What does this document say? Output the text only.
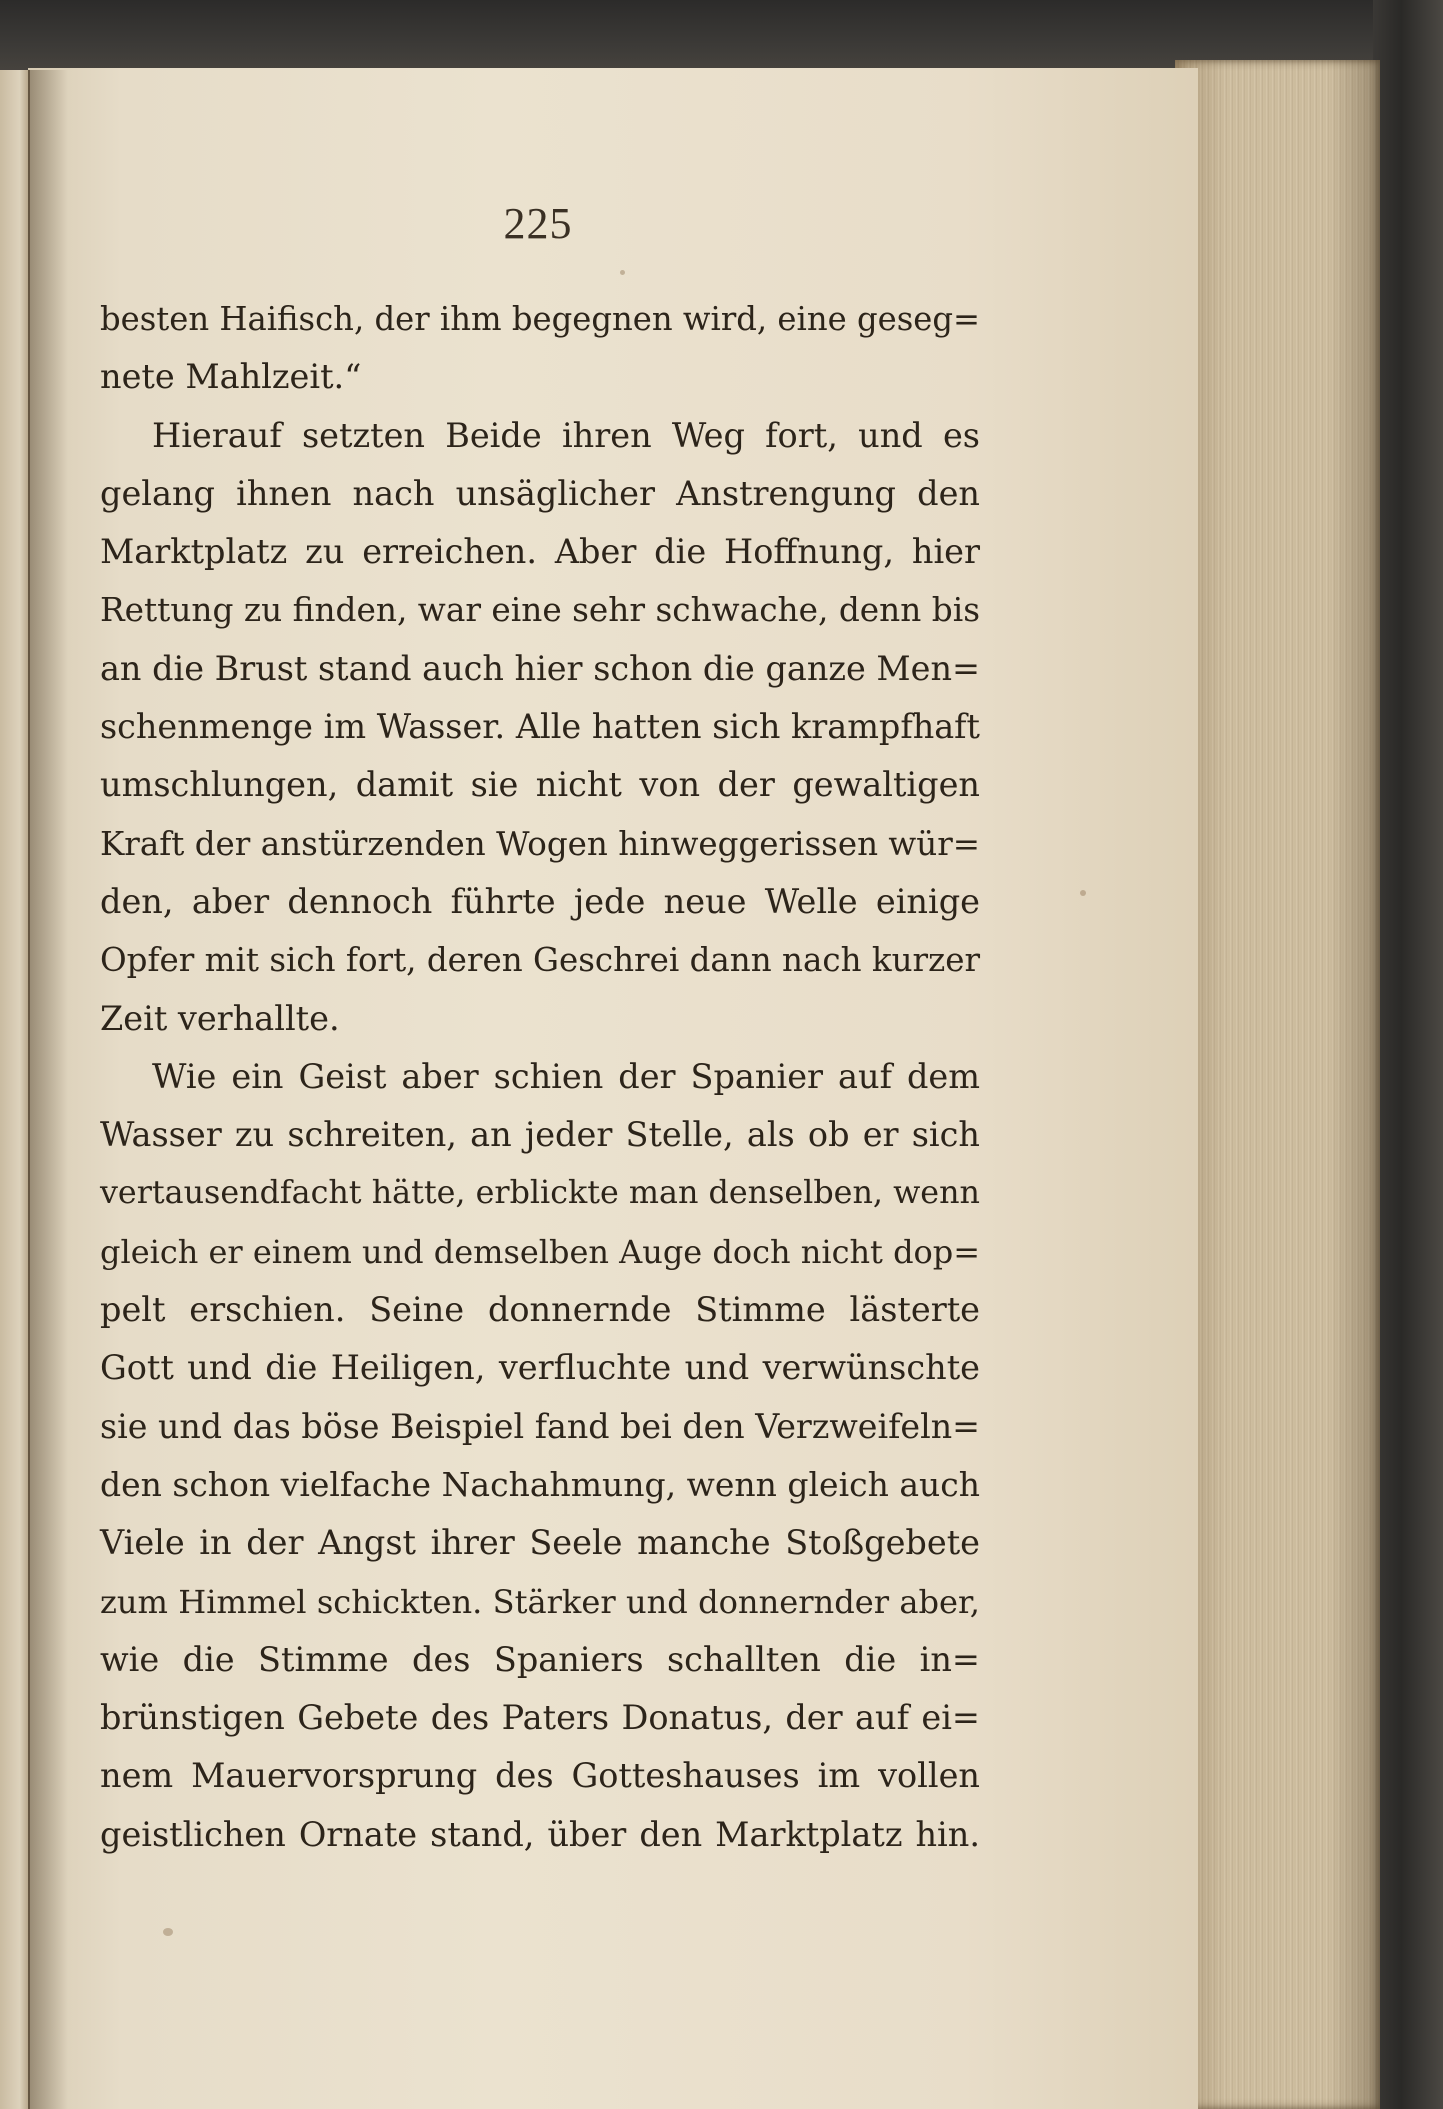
225
besten Haifisch, der ihm begegnen wird, eine geseg=
nete Mahlzeit.“
Hierauf setzten Beide ihren Weg fort, und es
gelang ihnen nach unsäglicher Anstrengung den
Marktplatz zu erreichen. Aber die Hoffnung, hier
Rettung zu finden, war eine sehr schwache, denn bis
an die Brust stand auch hier schon die ganze Men=
schenmenge im Wasser. Alle hatten sich krampfhaft
umschlungen, damit sie nicht von der gewaltigen
Kraft der anstürzenden Wogen hinweggerissen wür=
den, aber dennoch führte jede neue Welle einige
Opfer mit sich fort, deren Geschrei dann nach kurzer
Zeit verhallte.
Wie ein Geist aber schien der Spanier auf dem
Wasser zu schreiten, an jeder Stelle, als ob er sich
vertausendfacht hätte, erblickte man denselben, wenn
gleich er einem und demselben Auge doch nicht dop=
pelt erschien. Seine donnernde Stimme lästerte
Gott und die Heiligen, verfluchte und verwünschte
sie und das böse Beispiel fand bei den Verzweifeln=
den schon vielfache Nachahmung, wenn gleich auch
Viele in der Angst ihrer Seele manche Stoßgebete
zum Himmel schickten. Stärker und donnernder aber,
wie die Stimme des Spaniers schallten die in=
brünstigen Gebete des Paters Donatus, der auf ei=
nem Mauervorsprung des Gotteshauses im vollen
geistlichen Ornate stand, über den Marktplatz hin.
